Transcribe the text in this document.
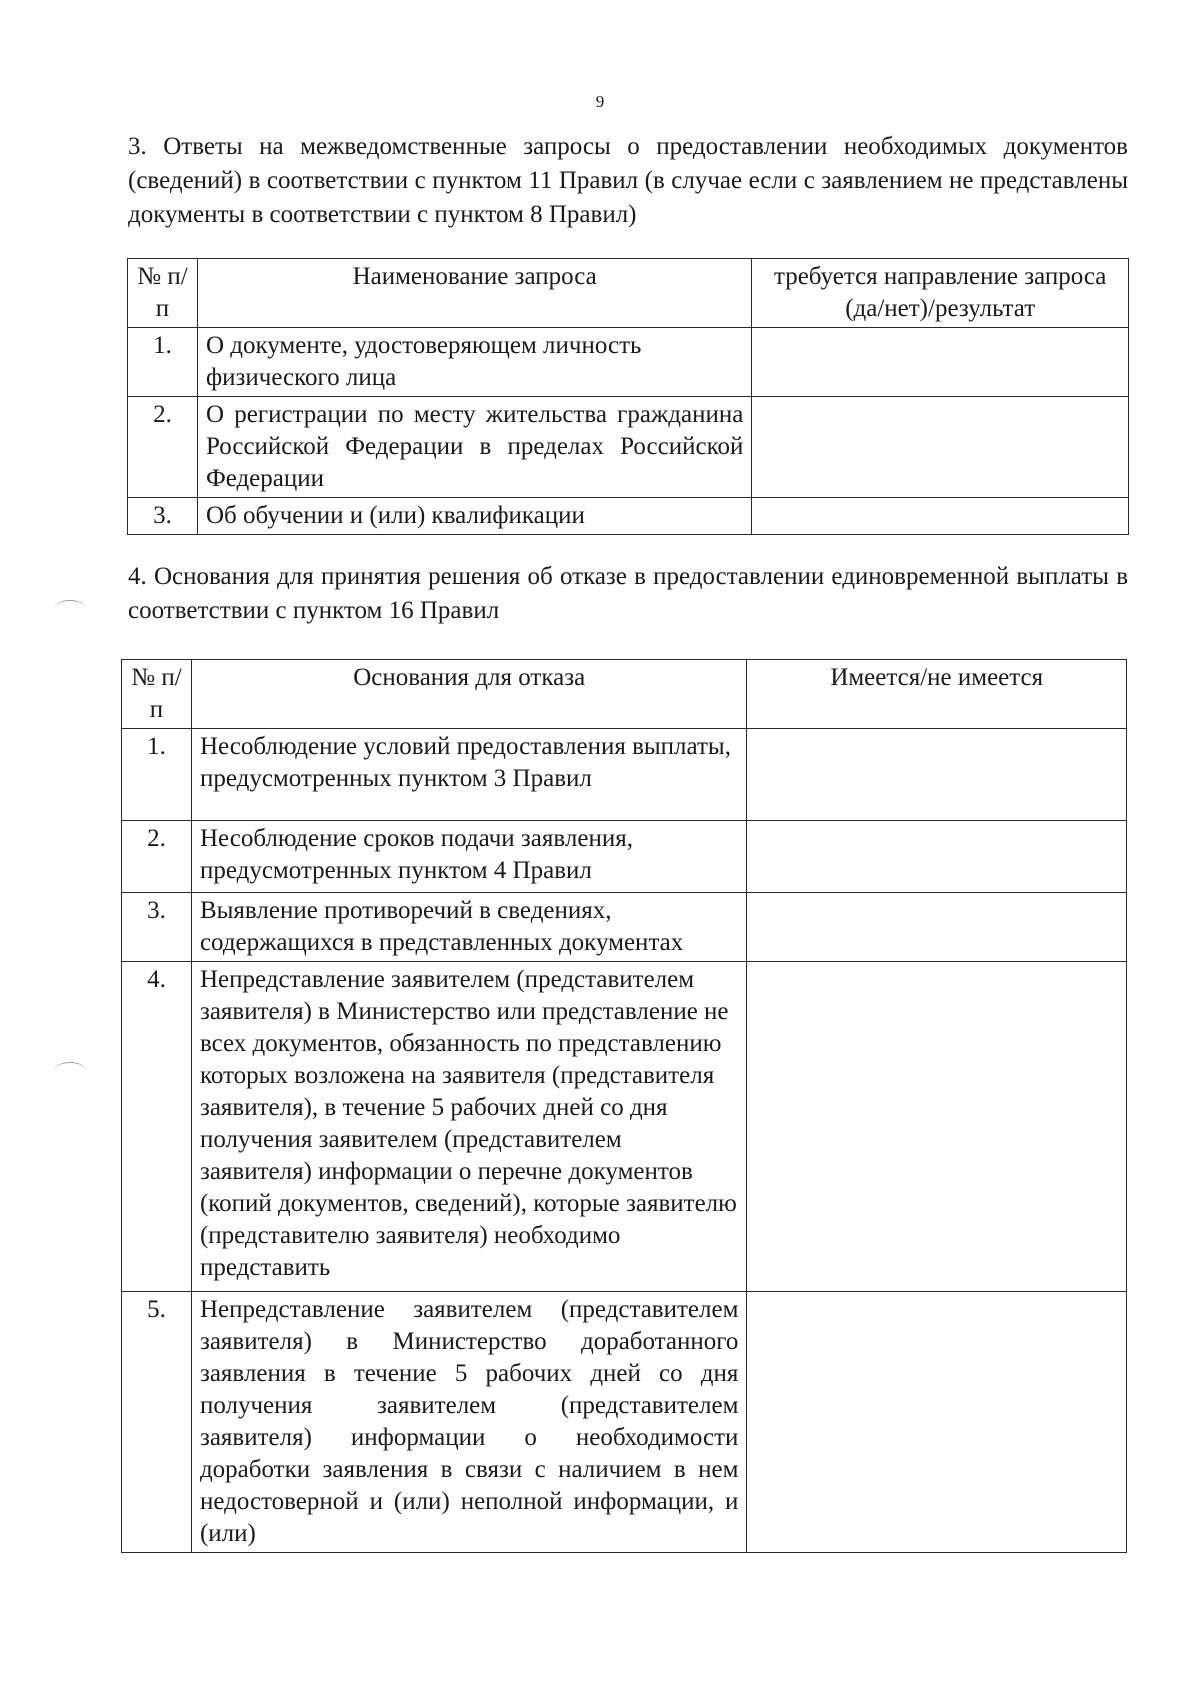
9
3. Ответы на межведомственные запросы о предоставлении необходимых документов (сведений) в соответствии с пунктом 11 Правил (в случае если с заявлением не представлены документы в соответствии с пунктом 8 Правил)
№ п/п	Наименование запроса	требуется направление запроса (да/нет)/результат
1.	О документе, удостоверяющем личность физического лица	
2.	О регистрации по месту жительства гражданина Российской Федерации в пределах Российской Федерации	
3.	Об обучении и (или) квалификации	
4. Основания для принятия решения об отказе в предоставлении единовременной выплаты в соответствии с пунктом 16 Правил
№ п/п	Основания для отказа	Имеется/не имеется
1.	Несоблюдение условий предоставления выплаты, предусмотренных пунктом 3 Правил	
2.	Несоблюдение сроков подачи заявления, предусмотренных пунктом 4 Правил	
3.	Выявление противоречий в сведениях, содержащихся в представленных документах	
4.	Непредставление заявителем (представителем заявителя) в Министерство или представление не всех документов, обязанность по представлению которых возложена на заявителя (представителя заявителя), в течение 5 рабочих дней со дня получения заявителем (представителем заявителя) информации о перечне документов (копий документов, сведений), которые заявителю (представителю заявителя) необходимо представить	
5.	Непредставление заявителем (представителем заявителя) в Министерство доработанного заявления в течение 5 рабочих дней со дня получения заявителем (представителем заявителя) информации о необходимости доработки заявления в связи с наличием в нем недостоверной и (или) неполной информации, и (или)	
